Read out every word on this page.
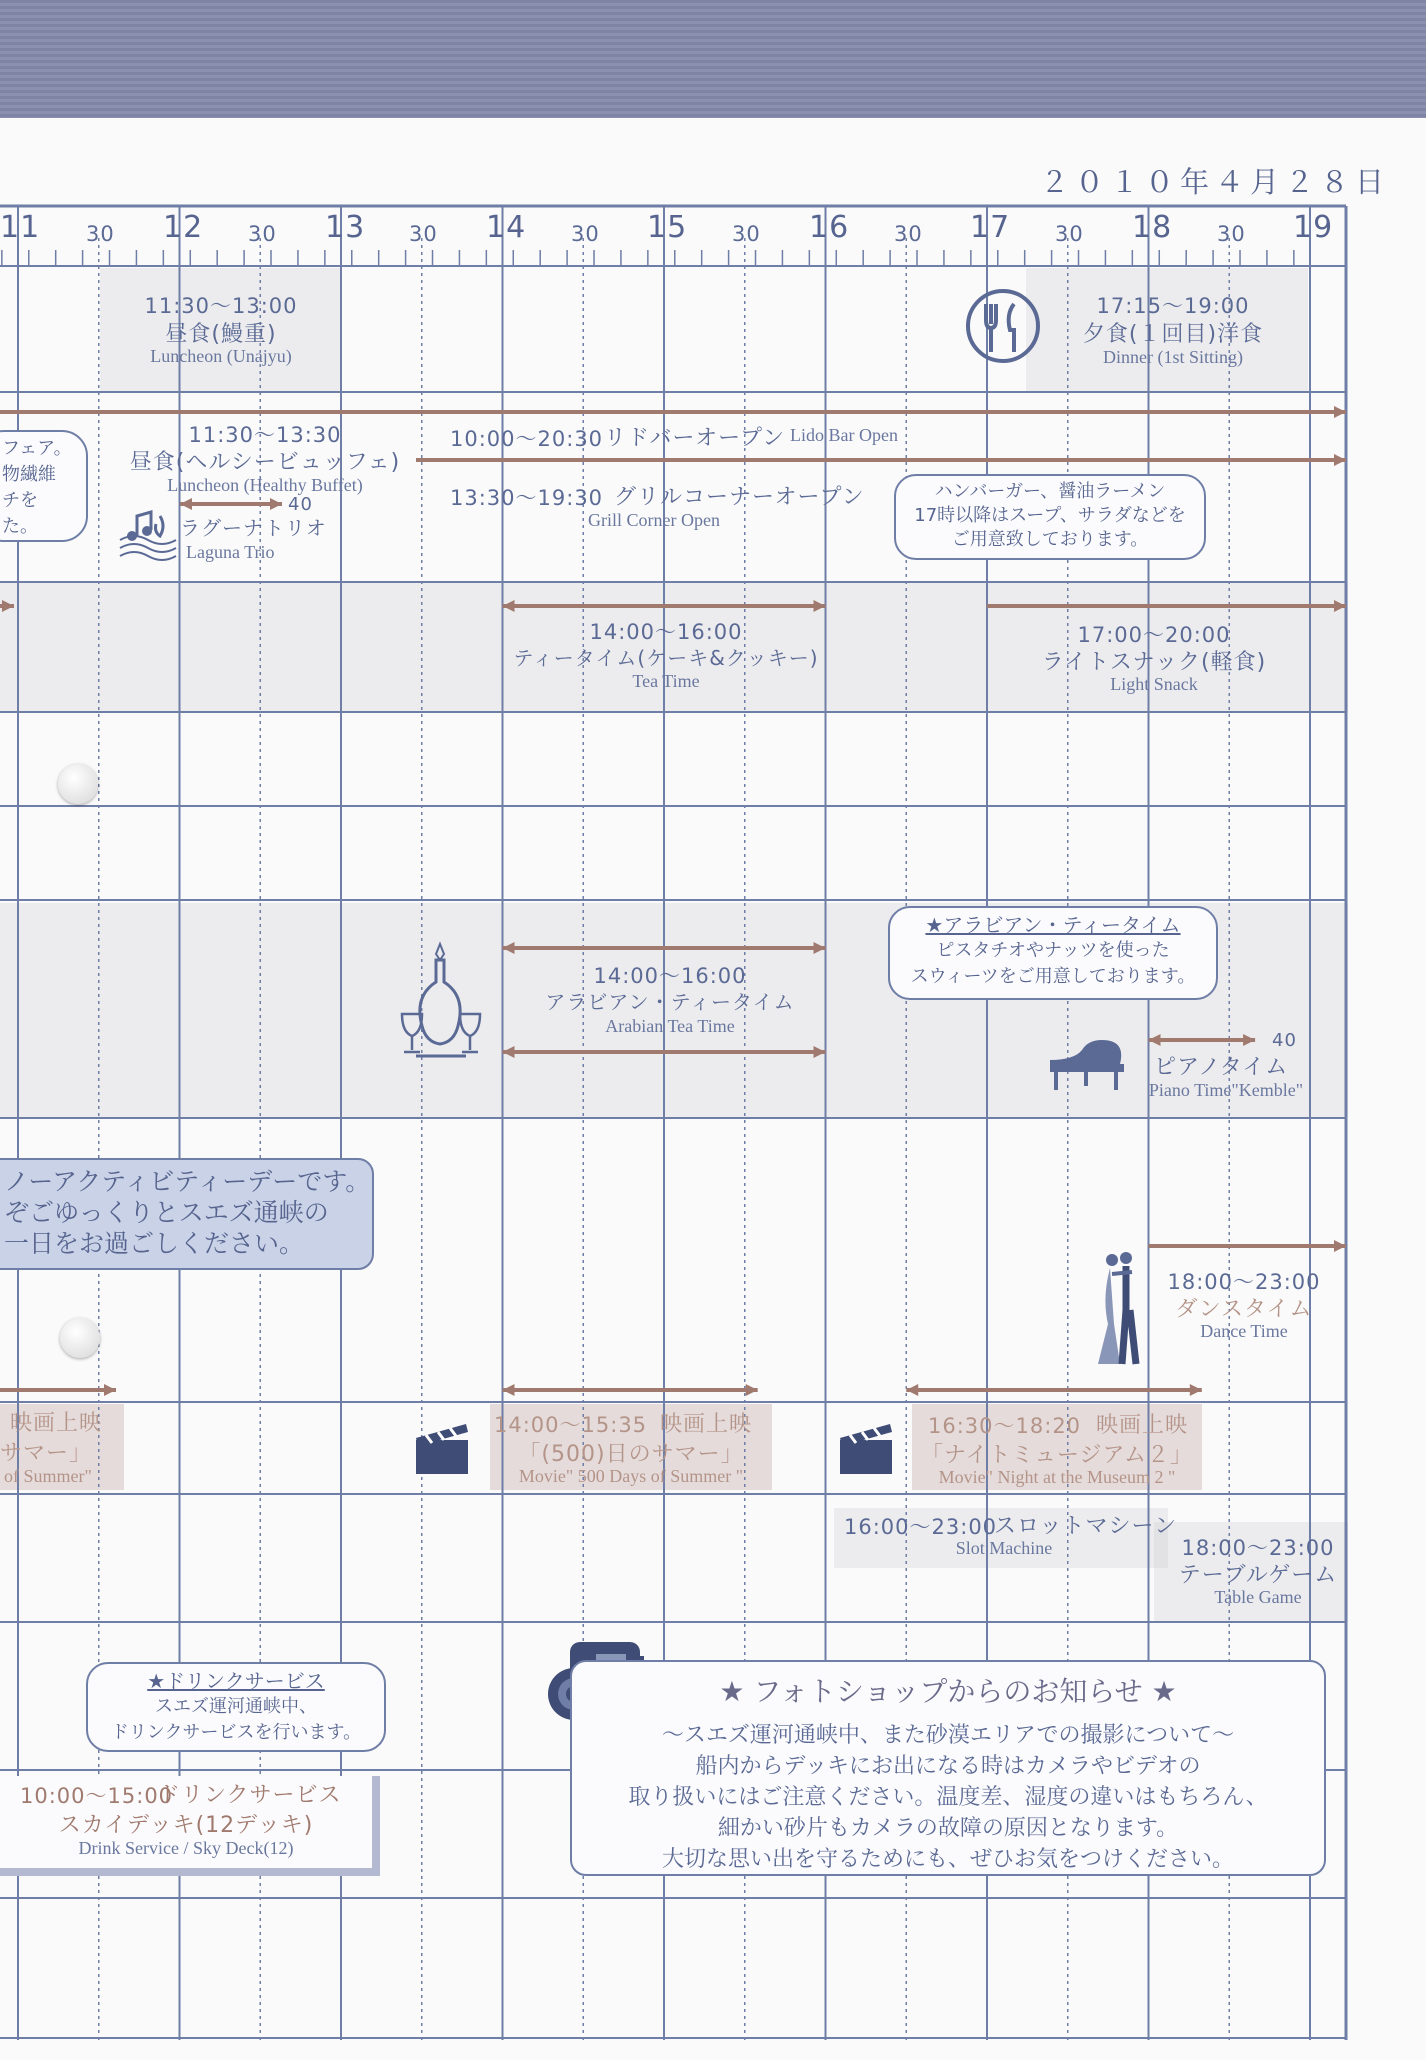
２０１０年４月２８日
11	12	13	14	15	16	17	18	19
30	30	30	30	30	30	30	30
11:30〜13:00
昼食(鰻重)
Luncheon (Unajyu)
17:15〜19:00
夕食(１回目)洋食
Dinner (1st Sitting)
フェア。
物繊維
チを
た。
11:30〜13:30
昼食(ヘルシービュッフェ)
Luncheon (Healthy Buffet)
10:00〜20:30 リドバーオープン Lido Bar Open
13:30〜19:30 グリルコーナーオープン
Grill Corner Open
ハンバーガー、醤油ラーメン
17時以降はスープ、サラダなどを
ご用意致しております。
40
ラグーナトリオ
Laguna Trio
14:00〜16:00
ティータイム(ケーキ&クッキー)
Tea Time
17:00〜20:00
ライトスナック(軽食)
Light Snack
★アラビアン・ティータイム
ピスタチオやナッツを使った
スウィーツをご用意しております。
14:00〜16:00
アラビアン・ティータイム
Arabian Tea Time
40
ピアノタイム
Piano Time"Kemble"
ノーアクティビティーデーです。
ぞごゆっくりとスエズ通峡の
一日をお過ごしください。
18:00〜23:00
ダンスタイム
Dance Time
映画上映
サマー」
of Summer"
14:00〜15:35 映画上映
「(500)日のサマー」
Movie" 500 Days of Summer "
16:30〜18:20 映画上映
「ナイトミュージアム２」
Movie" Night at the Museum 2 "
16:00〜23:00
スロットマシーン
Slot Machine	18:00〜23:00
テーブルゲーム
Table Game
★ドリンクサービス
スエズ運河通峡中、
ドリンクサービスを行います。
10:00〜15:00
ドリンクサービス
スカイデッキ(12デッキ)
Drink Service / Sky Deck(12)
★ フォトショップからのお知らせ ★
〜スエズ運河通峡中、また砂漠エリアでの撮影について〜
船内からデッキにお出になる時はカメラやビデオの
取り扱いにはご注意ください。温度差、湿度の違いはもちろん、
細かい砂片もカメラの故障の原因となります。
大切な思い出を守るためにも、ぜひお気をつけください。
